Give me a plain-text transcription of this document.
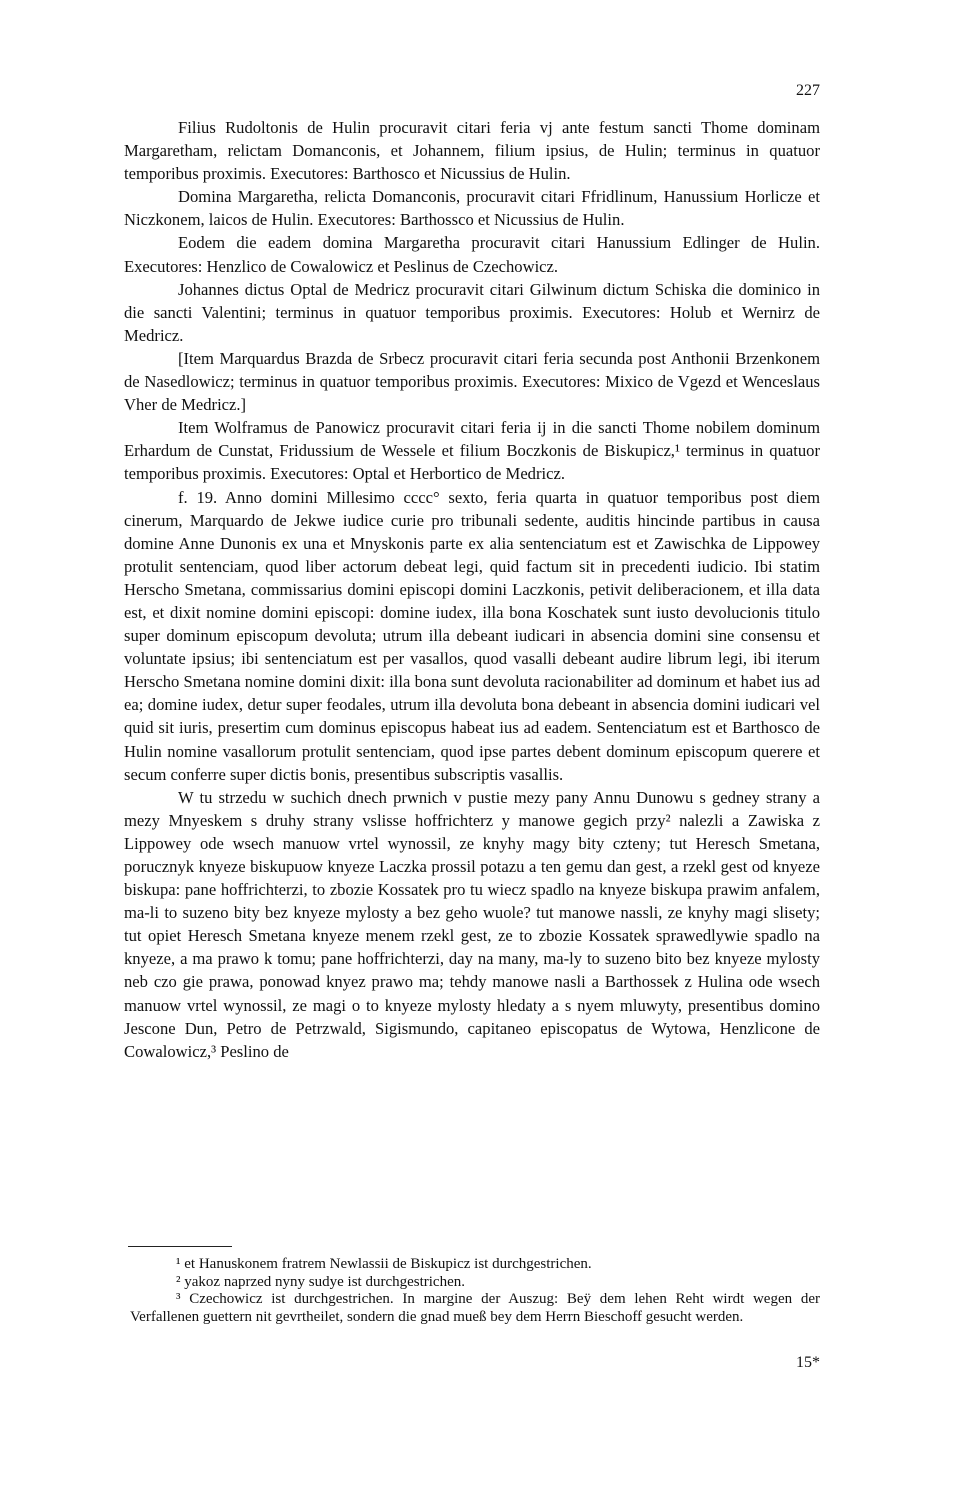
227

Filius Rudoltonis de Hulin procuravit citari feria vj ante festum sancti Thome dominam Margaretham, relictam Domanconis, et Johannem, filium ipsius, de Hulin; terminus in quatuor temporibus proximis. Executores: Barthosco et Nicussius de Hulin.

Domina Margaretha, relicta Domanconis, procuravit citari Ffridlinum, Hanussium Horlicze et Niczkonem, laicos de Hulin. Executores: Barthossco et Nicussius de Hulin.

Eodem die eadem domina Margaretha procuravit citari Hanussium Edlinger de Hulin. Executores: Henzlico de Cowalowicz et Peslinus de Czechowicz.

Johannes dictus Optal de Medricz procuravit citari Gilwinum dictum Schiska die dominico in die sancti Valentini; terminus in quatuor temporibus proximis. Executores: Holub et Wernirz de Medricz.

[Item Marquardus Brazda de Srbecz procuravit citari feria secunda post Anthonii Brzenkonem de Nasedlowicz; terminus in quatuor temporibus proximis. Executores: Mixico de Vgezd et Wenceslaus Vher de Medricz.]

Item Wolframus de Panowicz procuravit citari feria ij in die sancti Thome nobilem dominum Erhardum de Cunstat, Fridussium de Wessele et filium Boczkonis de Biskupicz,¹ terminus in quatuor temporibus proximis. Executores: Optal et Herbortico de Medricz.

f. 19. Anno domini Millesimo cccc° sexto, feria quarta in quatuor temporibus post diem cinerum, Marquardo de Jekwe iudice curie pro tribunali sedente, auditis hincinde partibus in causa domine Anne Dunonis ex una et Mnyskonis parte ex alia sentenciatum est et Zawischka de Lippowey protulit sentenciam, quod liber actorum debeat legi, quid factum sit in precedenti iudicio. Ibi statim Herscho Smetana, commissarius domini episcopi domini Laczkonis, petivit deliberacionem, et illa data est, et dixit nomine domini episcopi: domine iudex, illa bona Koschatek sunt iusto devolucionis titulo super dominum episcopum devoluta; utrum illa debeant iudicari in absencia domini sine consensu et voluntate ipsius; ibi sentenciatum est per vasallos, quod vasalli debeant audire librum legi, ibi iterum Herscho Smetana nomine domini dixit: illa bona sunt devoluta racionabiliter ad dominum et habet ius ad ea; domine iudex, detur super feodales, utrum illa devoluta bona debeant in absencia domini iudicari vel quid sit iuris, presertim cum dominus episcopus habeat ius ad eadem. Sentenciatum est et Barthosco de Hulin nomine vasallorum protulit sentenciam, quod ipse partes debent dominum episcopum querere et secum conferre super dictis bonis, presentibus subscriptis vasallis.

W tu strzedu w suchich dnech prwnich v pustie mezy pany Annu Dunowu s gedney strany a mezy Mnyeskem s druhy strany vslisse hoffrichterz y manowe gegich przy² nalezli a Zawiska z Lippowey ode wsech manuow vrtel wynossil, ze knyhy magy bity czteny; tut Heresch Smetana, porucznyk knyeze biskupuow knyeze Laczka prossil potazu a ten gemu dan gest, a rzekl gest od knyeze biskupa: pane hoffrichterzi, to zbozie Kossatek pro tu wiecz spadlo na knyeze biskupa prawim anfalem, ma-li to suzeno bity bez knyeze mylosty a bez geho wuole? tut manowe nassli, ze knyhy magi slisety; tut opiet Heresch Smetana knyeze menem rzekl gest, ze to zbozie Kossatek sprawedlywie spadlo na knyeze, a ma prawo k tomu; pane hoffrichterzi, day na many, ma-ly to suzeno bito bez knyeze mylosty neb czo gie prawa, ponowad knyez prawo ma; tehdy manowe nasli a Barthossek z Hulina ode wsech manuow vrtel wynossil, ze magi o to knyeze mylosty hledaty a s nyem mluwyty, presentibus domino Jescone Dun, Petro de Petrzwald, Sigismundo, capitaneo episcopatus de Wytowa, Henzlicone de Cowalowicz,³ Peslino de

¹ et Hanuskonem fratrem Newlassii de Biskupicz ist durchgestrichen.

² yakoz naprzed nyny sudye ist durchgestrichen.

³ Czechowicz ist durchgestrichen. In margine der Auszug: Beÿ dem lehen Reht wirdt wegen der Verfallenen guettern nit gevrtheilet, sondern die gnad mueß bey dem Herrn Bieschoff gesucht werden.

15*
